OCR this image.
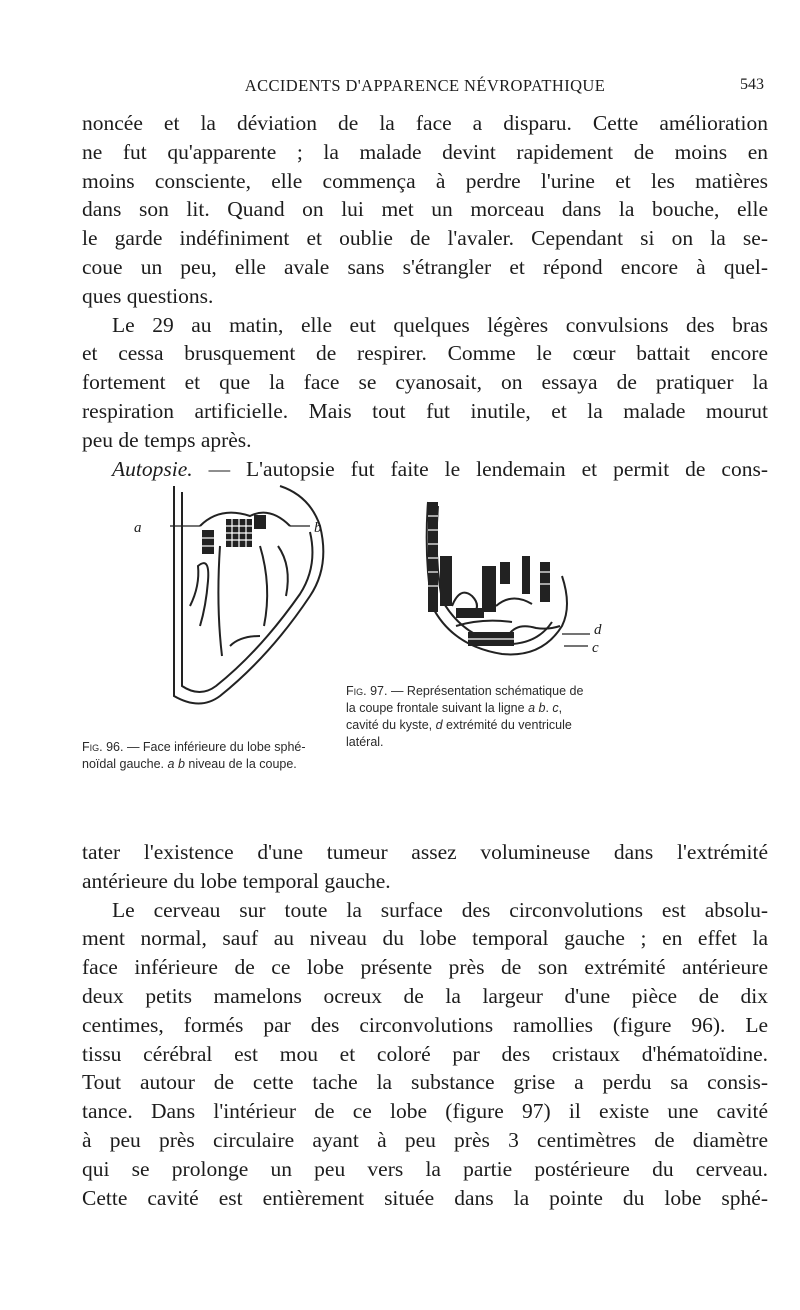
ACCIDENTS D'APPARENCE NÉVROPATHIQUE	543
noncée et la déviation de la face a disparu. Cette amélioration
ne fut qu'apparente ; la malade devint rapidement de moins en
moins consciente, elle commença à perdre l'urine et les matières
dans son lit. Quand on lui met un morceau dans la bouche, elle
le garde indéfiniment et oublie de l'avaler. Cependant si on la se-
coue un peu, elle avale sans s'étrangler et répond encore à quel-
ques questions.
Le 29 au matin, elle eut quelques légères convulsions des bras
et cessa brusquement de respirer. Comme le cœur battait encore
fortement et que la face se cyanosait, on essaya de pratiquer la
respiration artificielle. Mais tout fut inutile, et la malade mourut
peu de temps après.
Autopsie. — L'autopsie fut faite le lendemain et permit de cons-
a	b
Fig. 96. — Face inférieure du lobe sphé-
noïdal gauche. a b niveau de la coupe.
d
c
Fig. 97. — Représentation schématique de
la coupe frontale suivant la ligne a b. c,
cavité du kyste, d extrémité du ventricule
latéral.
tater l'existence d'une tumeur assez volumineuse dans l'extrémité
antérieure du lobe temporal gauche.
Le cerveau sur toute la surface des circonvolutions est absolu-
ment normal, sauf au niveau du lobe temporal gauche ; en effet la
face inférieure de ce lobe présente près de son extrémité antérieure
deux petits mamelons ocreux de la largeur d'une pièce de dix
centimes, formés par des circonvolutions ramollies (figure 96). Le
tissu cérébral est mou et coloré par des cristaux d'hématoïdine.
Tout autour de cette tache la substance grise a perdu sa consis-
tance. Dans l'intérieur de ce lobe (figure 97) il existe une cavité
à peu près circulaire ayant à peu près 3 centimètres de diamètre
qui se prolonge un peu vers la partie postérieure du cerveau.
Cette cavité est entièrement située dans la pointe du lobe sphé-
